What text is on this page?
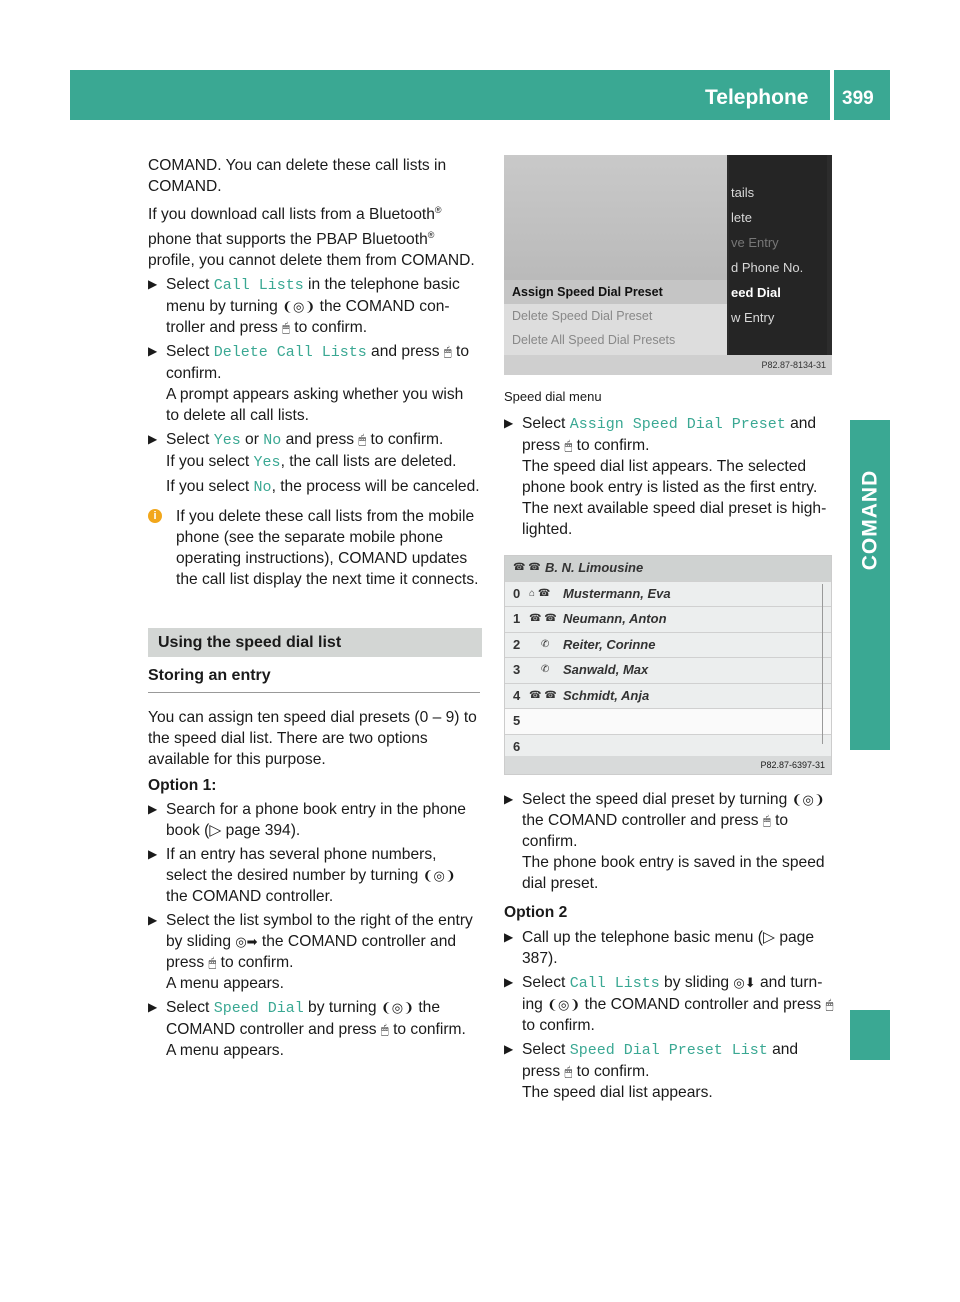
Telephone 399
COMAND

COMAND. You can delete these call lists in COMAND.

If you download call lists from a Bluetooth® phone that supports the PBAP Bluetooth® profile, you cannot delete them from COMAND.

▶ Select Call Lists in the telephone basic menu by turning ❨◎❩ the COMAND controller and press 🖱 to confirm.

▶ Select Delete Call Lists and press 🖱 to confirm.
A prompt appears asking whether you wish to delete all call lists.

▶ Select Yes or No and press 🖱 to confirm.
If you select Yes, the call lists are deleted.

If you select No, the process will be canceled.

i	If you delete these call lists from the mobile phone (see the separate mobile phone operating instructions), COMAND updates the call list display the next time it connects.

Using the speed dial list
Storing an entry

You can assign ten speed dial presets (0 – 9) to the speed dial list. There are two options available for this purpose.

Option 1:

▶ Search for a phone book entry in the phone book (▷ page 394).

▶ If an entry has several phone numbers, select the desired number by turning ❨◎❩ the COMAND controller.

▶ Select the list symbol to the right of the entry by sliding ◎➡ the COMAND controller and press 🖱 to confirm.
A menu appears.

▶ Select Speed Dial by turning ❨◎❩ the COMAND controller and press 🖱 to confirm.
A menu appears.

tails
lete
ve Entry
d Phone No.
eed Dial
w Entry
Assign Speed Dial Preset
Delete Speed Dial Preset
Delete All Speed Dial Presets
P82.87-8134-31
Speed dial menu

▶ Select Assign Speed Dial Preset and press 🖱 to confirm.
The speed dial list appears. The selected phone book entry is listed as the first entry. The next available speed dial preset is highlighted.

☎ ☎ B. N. Limousine
0 ⌂ ☎ Mustermann, Eva
1 ☎ ☎ Neumann, Anton
2 ✆ Reiter, Corinne
3 ✆ Sanwald, Max
4 ☎ ☎ Schmidt, Anja
5
6
P82.87-6397-31

▶ Select the speed dial preset by turning ❨◎❩ the COMAND controller and press 🖱 to confirm.
The phone book entry is saved in the speed dial preset.

Option 2

▶ Call up the telephone basic menu (▷ page 387).

▶ Select Call Lists by sliding ◎⬇ and turning ❨◎❩ the COMAND controller and press 🖱 to confirm.

▶ Select Speed Dial Preset List and press 🖱 to confirm.
The speed dial list appears.
